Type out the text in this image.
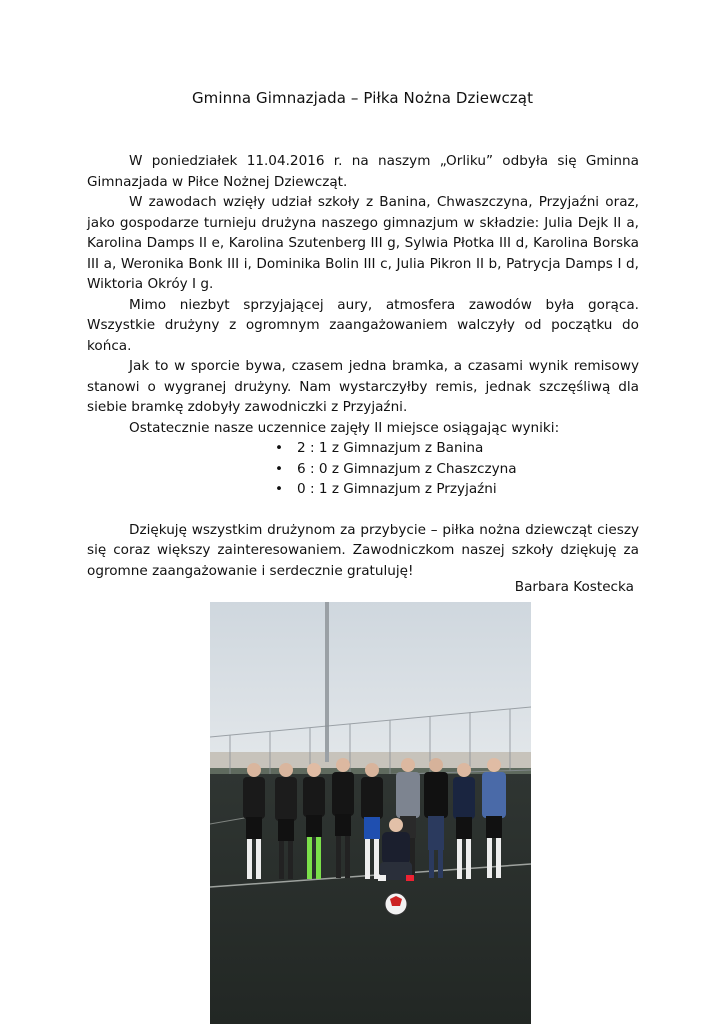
Gminna Gimnazjada – Piłka Nożna Dziewcząt

W poniedziałek 11.04.2016 r. na naszym „Orliku” odbyła się Gminna Gimnazjada w Piłce Nożnej Dziewcząt.

W zawodach wzięły udział szkoły z Banina, Chwaszczyna, Przyjaźni oraz, jako gospodarze turnieju drużyna naszego gimnazjum w składzie: Julia Dejk II a, Karolina Damps II e, Karolina Szutenberg III g, Sylwia Płotka III d, Karolina Borska III a, Weronika Bonk III i, Dominika Bolin III c, Julia Pikron II b, Patrycja Damps I d, Wiktoria Okróy I g.

Mimo niezbyt sprzyjającej aury, atmosfera zawodów była gorąca. Wszystkie drużyny z ogromnym zaangażowaniem walczyły od początku do końca.

Jak to w sporcie bywa, czasem jedna bramka, a czasami wynik remisowy stanowi o wygranej drużyny. Nam wystarczyłby remis, jednak szczęśliwą dla siebie bramkę zdobyły zawodniczki z Przyjaźni.

Ostatecznie nasze uczennice zajęły II miejsce osiągając wyniki:

• 2 : 1 z Gimnazjum z Banina
• 6 : 0 z Gimnazjum z Chaszczyna
• 0 : 1 z Gimnazjum z Przyjaźni

Dziękuję wszystkim drużynom za przybycie – piłka nożna dziewcząt cieszy się coraz większy zainteresowaniem. Zawodniczkom naszej szkoły dziękuję za ogromne zaangażowanie i serdecznie gratuluję!

Barbara Kostecka
